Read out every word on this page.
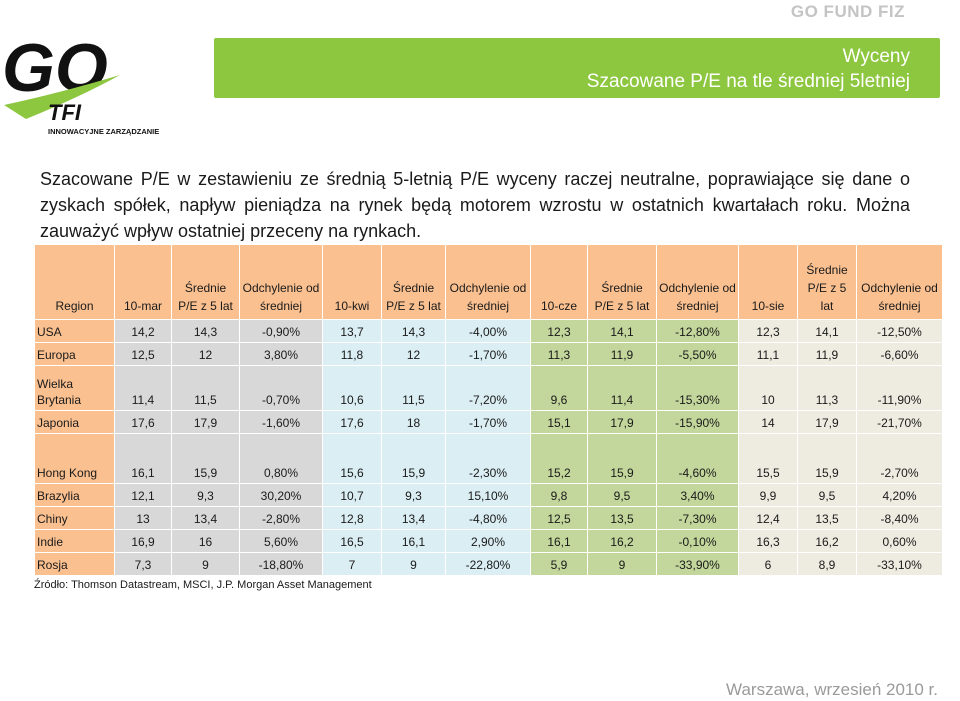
GO FUND FIZ
GO
TFI
INNOWACYJNE ZARZĄDZANIE
Wyceny
Szacowane P/E na tle średniej 5letniej

Szacowane P/E w zestawieniu ze średnią 5-letnią P/E wyceny raczej neutralne, poprawiające się dane o zyskach spółek, napływ pieniądza na rynek będą motorem wzrostu w ostatnich kwartałach roku. Można zauważyć wpływ ostatniej przeceny na rynkach.

Region	10-mar	Średnie P/E z 5 lat	Odchylenie od średniej	10-kwi	Średnie P/E z 5 lat	Odchylenie od średniej	10-cze	Średnie P/E z 5 lat	Odchylenie od średniej	10-sie	Średnie P/E z 5 lat	Odchylenie od średniej
USA	14,2	14,3	-0,90%	13,7	14,3	-4,00%	12,3	14,1	-12,80%	12,3	14,1	-12,50%
Europa	12,5	12	3,80%	11,8	12	-1,70%	11,3	11,9	-5,50%	11,1	11,9	-6,60%
Wielka Brytania	11,4	11,5	-0,70%	10,6	11,5	-7,20%	9,6	11,4	-15,30%	10	11,3	-11,90%
Japonia	17,6	17,9	-1,60%	17,6	18	-1,70%	15,1	17,9	-15,90%	14	17,9	-21,70%
Hong Kong	16,1	15,9	0,80%	15,6	15,9	-2,30%	15,2	15,9	-4,60%	15,5	15,9	-2,70%
Brazylia	12,1	9,3	30,20%	10,7	9,3	15,10%	9,8	9,5	3,40%	9,9	9,5	4,20%
Chiny	13	13,4	-2,80%	12,8	13,4	-4,80%	12,5	13,5	-7,30%	12,4	13,5	-8,40%
Indie	16,9	16	5,60%	16,5	16,1	2,90%	16,1	16,2	-0,10%	16,3	16,2	0,60%
Rosja	7,3	9	-18,80%	7	9	-22,80%	5,9	9	-33,90%	6	8,9	-33,10%
Źródło: Thomson Datastream, MSCI, J.P. Morgan Asset Management
Warszawa, wrzesień 2010 r.
